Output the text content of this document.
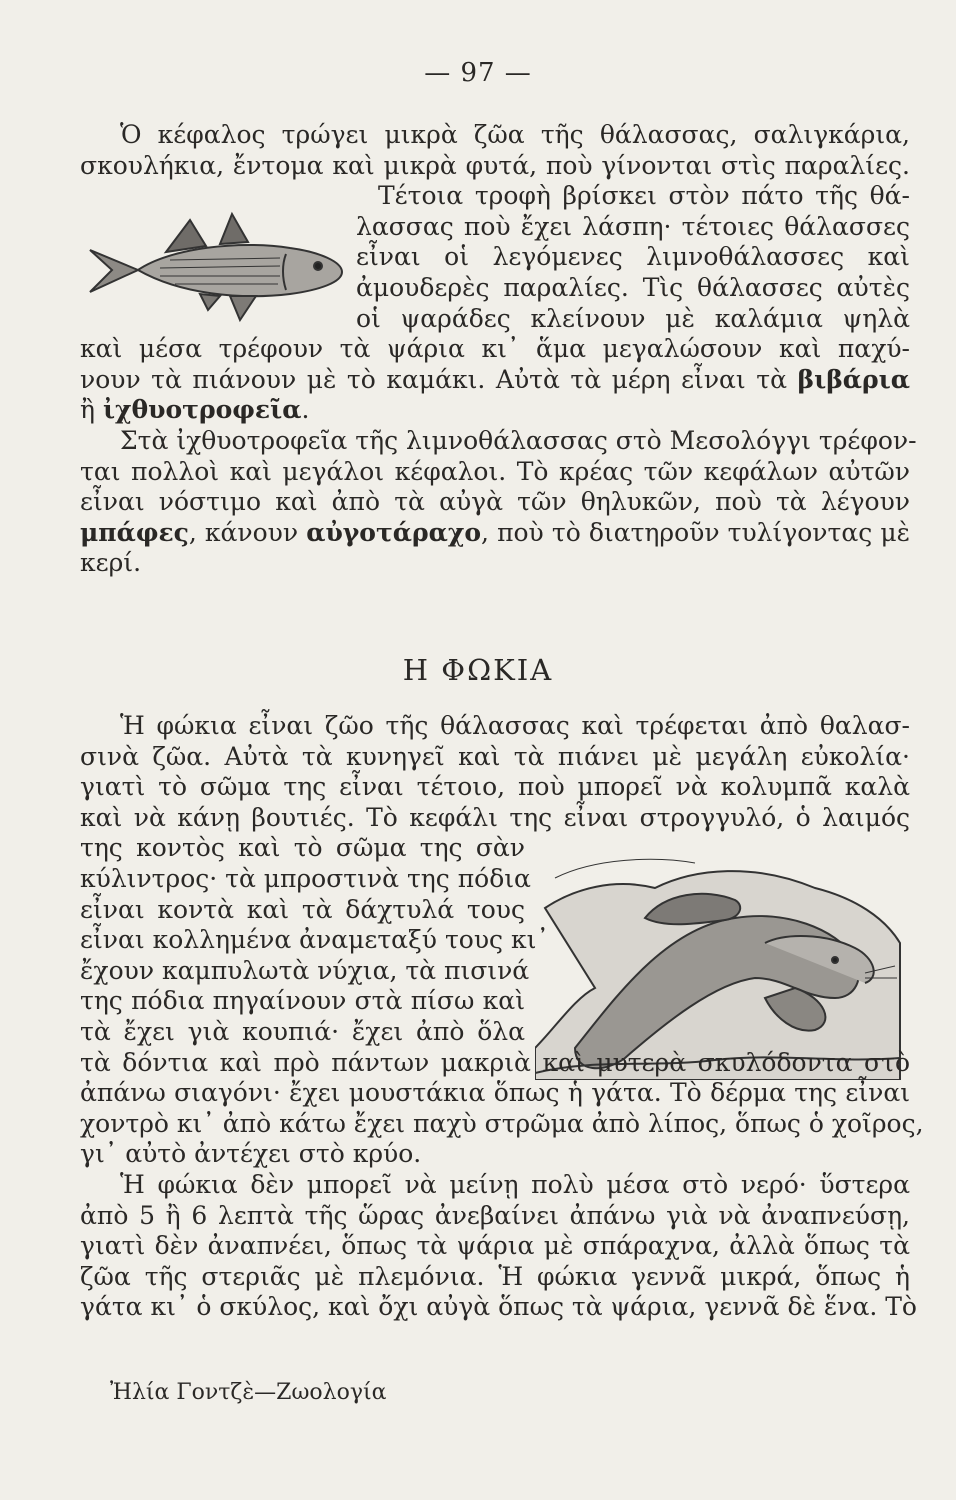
— 97 —
Ὁ κέφαλος τρώγει μικρὰ ζῶα τῆς θάλασσας, σαλιγκάρια,
σκουλήκια, ἔντομα καὶ μικρὰ φυτά, ποὺ γίνονται στὶς παραλίες.
Τέτοια τροφὴ βρίσκει στὸν πάτο τῆς θά-
λασσας ποὺ ἔχει λάσπη· τέτοιες θάλασσες
εἶναι οἱ λεγόμενες λιμνοθάλασσες καὶ
ἀμουδερὲς παραλίες. Τὶς θάλασσες αὐτὲς
οἱ ψαράδες κλείνουν μὲ καλάμια ψηλὰ
καὶ μέσα τρέφουν τὰ ψάρια κι᾿ ἅμα μεγαλώσουν καὶ παχύ-
νουν τὰ πιάνουν μὲ τὸ καμάκι. Αὐτὰ τὰ μέρη εἶναι τὰ βιβάρια
ἢ ἰχθυοτροφεῖα.
Στὰ ἰχθυοτροφεῖα τῆς λιμνοθάλασσας στὸ Μεσολόγγι τρέφον-
ται πολλοὶ καὶ μεγάλοι κέφαλοι. Τὸ κρέας τῶν κεφάλων αὐτῶν
εἶναι νόστιμο καὶ ἀπὸ τὰ αὐγὰ τῶν θηλυκῶν, ποὺ τὰ λέγουν
μπάφες, κάνουν αὐγοτάραχο, ποὺ τὸ διατηροῦν τυλίγοντας μὲ
κερί.
Η ΦΩΚΙΑ
Ἡ φώκια εἶναι ζῶο τῆς θάλασσας καὶ τρέφεται ἀπὸ θαλασ-
σινὰ ζῶα. Αὐτὰ τὰ κυνηγεῖ καὶ τὰ πιάνει μὲ μεγάλη εὐκολία·
γιατὶ τὸ σῶμα της εἶναι τέτοιο, ποὺ μπορεῖ νὰ κολυμπᾶ καλὰ
καὶ νὰ κάνῃ βουτιές. Τὸ κεφάλι της εἶναι στρογγυλό, ὁ λαιμός
της κοντὸς καὶ τὸ σῶμα της σὰν
κύλιντρος· τὰ μπροστινὰ της πόδια
εἶναι κοντὰ καὶ τὰ δάχτυλά τους
εἶναι κολλημένα ἀναμεταξύ τους κι᾿
ἔχουν καμπυλωτὰ νύχια, τὰ πισινά
της πόδια πηγαίνουν στὰ πίσω καὶ
τὰ ἔχει γιὰ κουπιά· ἔχει ἀπὸ ὅλα
τὰ δόντια καὶ πρὸ πάντων μακριὰ καὶ μυτερὰ σκυλόδοντα στὸ
ἀπάνω σιαγόνι· ἔχει μουστάκια ὅπως ἡ γάτα. Τὸ δέρμα της εἶναι
χοντρὸ κι᾿ ἀπὸ κάτω ἔχει παχὺ στρῶμα ἀπὸ λίπος, ὅπως ὁ χοῖρος,
γι᾿ αὐτὸ ἀντέχει στὸ κρύο.
Ἡ φώκια δὲν μπορεῖ νὰ μείνῃ πολὺ μέσα στὸ νερό· ὕστερα
ἀπὸ 5 ἢ 6 λεπτὰ τῆς ὥρας ἀνεβαίνει ἀπάνω γιὰ νὰ ἀναπνεύσῃ,
γιατὶ δὲν ἀναπνέει, ὅπως τὰ ψάρια μὲ σπάραχνα, ἀλλὰ ὅπως τὰ
ζῶα τῆς στεριᾶς μὲ πλεμόνια. Ἡ φώκια γεννᾶ μικρά, ὅπως ἡ
γάτα κι᾿ ὁ σκύλος, καὶ ὄχι αὐγὰ ὅπως τὰ ψάρια, γεννᾶ δὲ ἕνα. Τὸ
Ἠλία Γοντζὲ—Ζωολογία
